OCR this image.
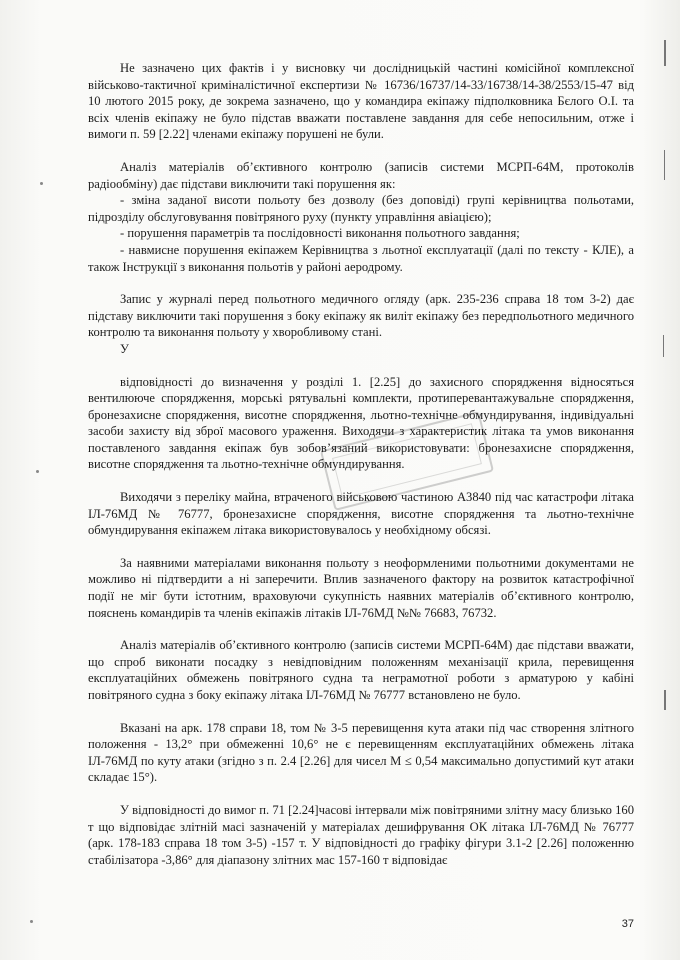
Не зазначено цих фактів і у висновку чи дослідницькій частині комісійної комплексної військово-тактичної криміналістичної експертизи № 16736/16737/14-33/16738/14-38/2553/15-47 від 10 лютого 2015 року, де зокрема зазначено, що у командира екіпажу підполковника Бєлого О.І. та всіх членів екіпажу не було підстав вважати поставлене завдання для себе непосильним, отже і вимоги п. 59 [2.22] членами екіпажу порушені не були.

Аналіз матеріалів об’єктивного контролю (записів системи МСРП-64М, протоколів радіообміну) дає підстави виключити такі порушення як:

- зміна заданої висоти польоту без дозволу (без доповіді) групі керівництва польотами, підрозділу обслуговування повітряного руху (пункту управління авіацією);

- порушення параметрів та послідовності виконання польотного завдання;

- навмисне порушення екіпажем Керівництва з льотної експлуатації (далі по тексту - КЛЕ), а також Інструкції з виконання польотів у районі аеродрому.

Запис у журналі перед польотного медичного огляду (арк. 235-236 справа 18 том 3-2) дає підставу виключити такі порушення з боку екіпажу як виліт екіпажу без передпольотного медичного контролю та виконання польоту у хворобливому стані.

У

відповідності до визначення у розділі 1. [2.25] до захисного спорядження відносяться вентилююче спорядження, морські рятувальні комплекти, протиперевантажувальне спорядження, бронезахисне спорядження, висотне спорядження, льотно-технічне обмундирування, індивідуальні засоби захисту від зброї масового ураження. Виходячи з характеристик літака та умов виконання поставленого завдання екіпаж був зобов’язаний використовувати: бронезахисне спорядження, висотне спорядження та льотно-технічне обмундирування.

Виходячи з переліку майна, втраченого військовою частиною А3840 під час катастрофи літака ІЛ-76МД № 76777, бронезахисне спорядження, висотне спорядження та льотно-технічне обмундирування екіпажем літака використовувалось у необхідному обсязі.

За наявними матеріалами виконання польоту з неоформленими польотними документами не можливо ні підтвердити а ні заперечити. Вплив зазначеного фактору на розвиток катастрофічної події не міг бути істотним, враховуючи сукупність наявних матеріалів об’єктивного контролю, пояснень командирів та членів екіпажів літаків ІЛ-76МД №№ 76683, 76732.

Аналіз матеріалів об’єктивного контролю (записів системи МСРП-64М) дає підстави вважати, що спроб виконати посадку з невідповідним положенням механізації крила, перевищення експлуатаційних обмежень повітряного судна та неграмотної роботи з арматурою у кабіні повітряного судна з боку екіпажу літака ІЛ-76МД № 76777 встановлено не було.

Вказані на арк. 178 справи 18, том № 3-5 перевищення кута атаки під час створення злітного положення - 13,2° при обмеженні 10,6° не є перевищенням експлуатаційних обмежень літака ІЛ-76МД по куту атаки (згідно з п. 2.4 [2.26] для чисел М ≤ 0,54 максимально допустимий кут атаки складає 15°).

У відповідності до вимог п. 71 [2.24]часові інтервали між повітряними злітну масу близько 160 т що відповідає злітній масі зазначеній у матеріалах дешифрування ОК літака ІЛ-76МД № 76777 (арк. 178-183 справа 18 том 3-5) -157 т. У відповідності до графіку фігури 3.1-2 [2.26] положенню стабілізатора -3,86° для діапазону злітних мас 157-160 т відповідає

37
